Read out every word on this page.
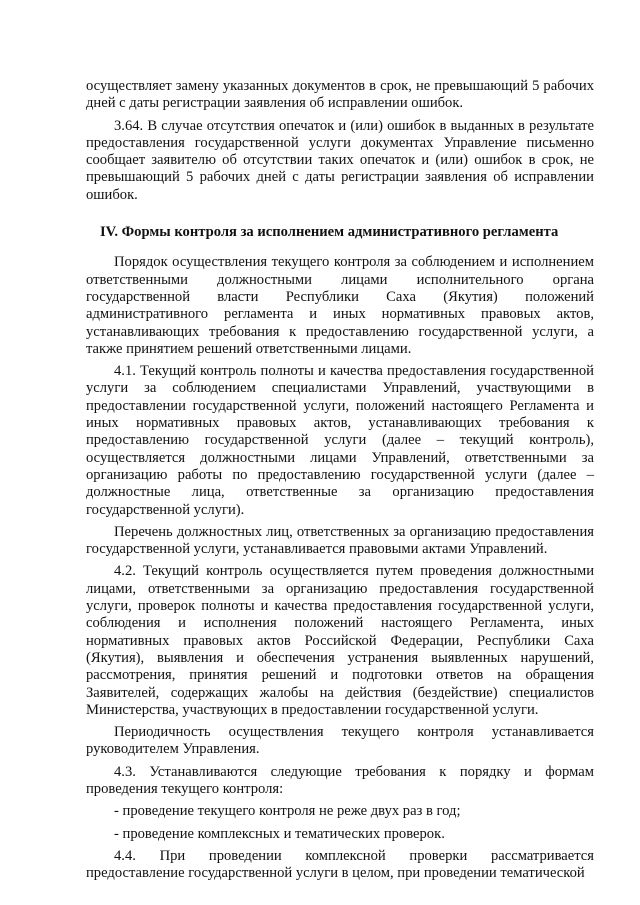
осуществляет замену указанных документов в срок, не превышающий 5 рабочих дней с даты регистрации заявления об исправлении ошибок.

3.64. В случае отсутствия опечаток и (или) ошибок в выданных в результате предоставления государственной услуги документах Управление письменно сообщает заявителю об отсутствии таких опечаток и (или) ошибок в срок, не превышающий 5 рабочих дней с даты регистрации заявления об исправлении ошибок.

IV. Формы контроля за исполнением административного регламента

Порядок осуществления текущего контроля за соблюдением и исполнением ответственными должностными лицами исполнительного органа государственной власти Республики Саха (Якутия) положений административного регламента и иных нормативных правовых актов, устанавливающих требования к предоставлению государственной услуги, а также принятием решений ответственными лицами.

4.1. Текущий контроль полноты и качества предоставления государственной услуги за соблюдением специалистами Управлений, участвующими в предоставлении государственной услуги, положений настоящего Регламента и иных нормативных правовых актов, устанавливающих требования к предоставлению государственной услуги (далее – текущий контроль), осуществляется должностными лицами Управлений, ответственными за организацию работы по предоставлению государственной услуги (далее – должностные лица, ответственные за организацию предоставления государственной услуги).

Перечень должностных лиц, ответственных за организацию предоставления государственной услуги, устанавливается правовыми актами Управлений.

4.2. Текущий контроль осуществляется путем проведения должностными лицами, ответственными за организацию предоставления государственной услуги, проверок полноты и качества предоставления государственной услуги, соблюдения и исполнения положений настоящего Регламента, иных нормативных правовых актов Российской Федерации, Республики Саха (Якутия), выявления и обеспечения устранения выявленных нарушений, рассмотрения, принятия решений и подготовки ответов на обращения Заявителей, содержащих жалобы на действия (бездействие) специалистов Министерства, участвующих в предоставлении государственной услуги.

Периодичность осуществления текущего контроля устанавливается руководителем Управления.

4.3. Устанавливаются следующие требования к порядку и формам проведения текущего контроля:

- проведение текущего контроля не реже двух раз в год;

- проведение комплексных и тематических проверок.

4.4. При проведении комплексной проверки рассматривается предоставление государственной услуги в целом, при проведении тематической
